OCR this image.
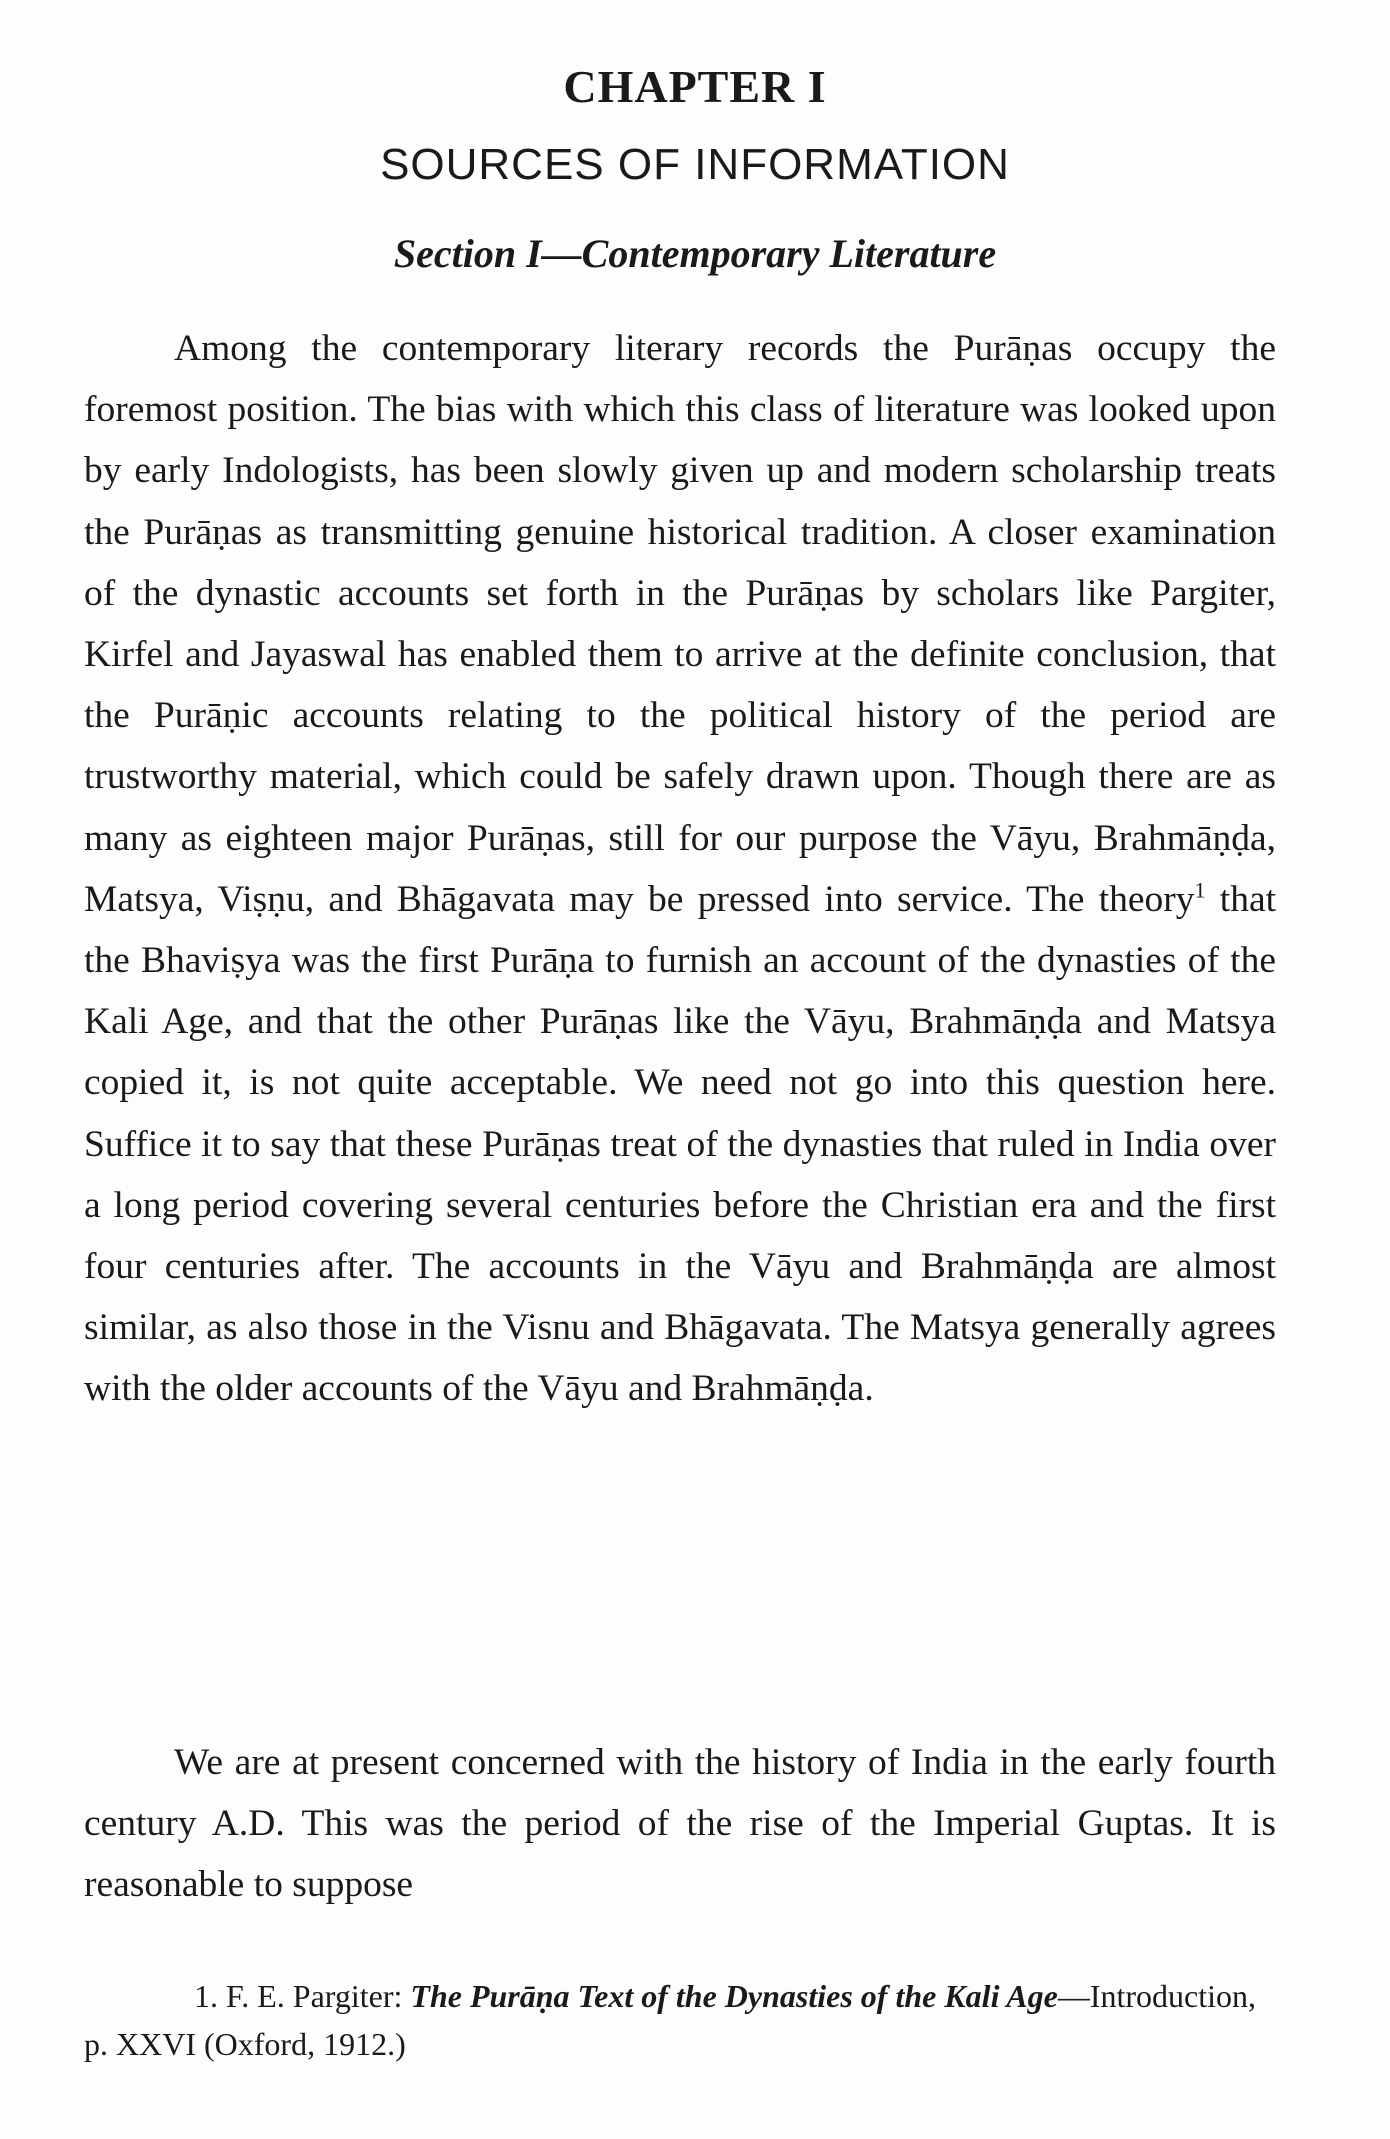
CHAPTER I
SOURCES OF INFORMATION
Section I—Contemporary Literature

Among the contemporary literary records the Purāṇas occupy the foremost position. The bias with which this class of literature was looked upon by early Indologists, has been slowly given up and modern scholarship treats the Purāṇas as transmitting genuine historical tradition. A closer examination of the dynastic accounts set forth in the Purāṇas by scholars like Pargiter, Kirfel and Jayaswal has enabled them to arrive at the definite conclusion, that the Purāṇic accounts relating to the political history of the period are trustworthy material, which could be safely drawn upon. Though there are as many as eighteen major Purāṇas, still for our purpose the Vāyu, Brahmāṇḍa, Matsya, Viṣṇu, and Bhāgavata may be pressed into service. The theory$^1$ that the Bhaviṣya was the first Purāṇa to furnish an account of the dynasties of the Kali Age, and that the other Purāṇas like the Vāyu, Brahmāṇḍa and Matsya copied it, is not quite acceptable. We need not go into this question here. Suffice it to say that these Purāṇas treat of the dynasties that ruled in India over a long period covering several centuries before the Christian era and the first four centuries after. The accounts in the Vāyu and Brahmāṇḍa are almost similar, as also those in the Visnu and Bhāgavata. The Matsya generally agrees with the older accounts of the Vāyu and Brahmāṇḍa.

We are at present concerned with the history of India in the early fourth century A.D. This was the period of the rise of the Imperial Guptas. It is reasonable to suppose

1. F. E. Pargiter: The Purāṇa Text of the Dynasties of the Kali Age—Introduction, p. XXVI (Oxford, 1912.)
